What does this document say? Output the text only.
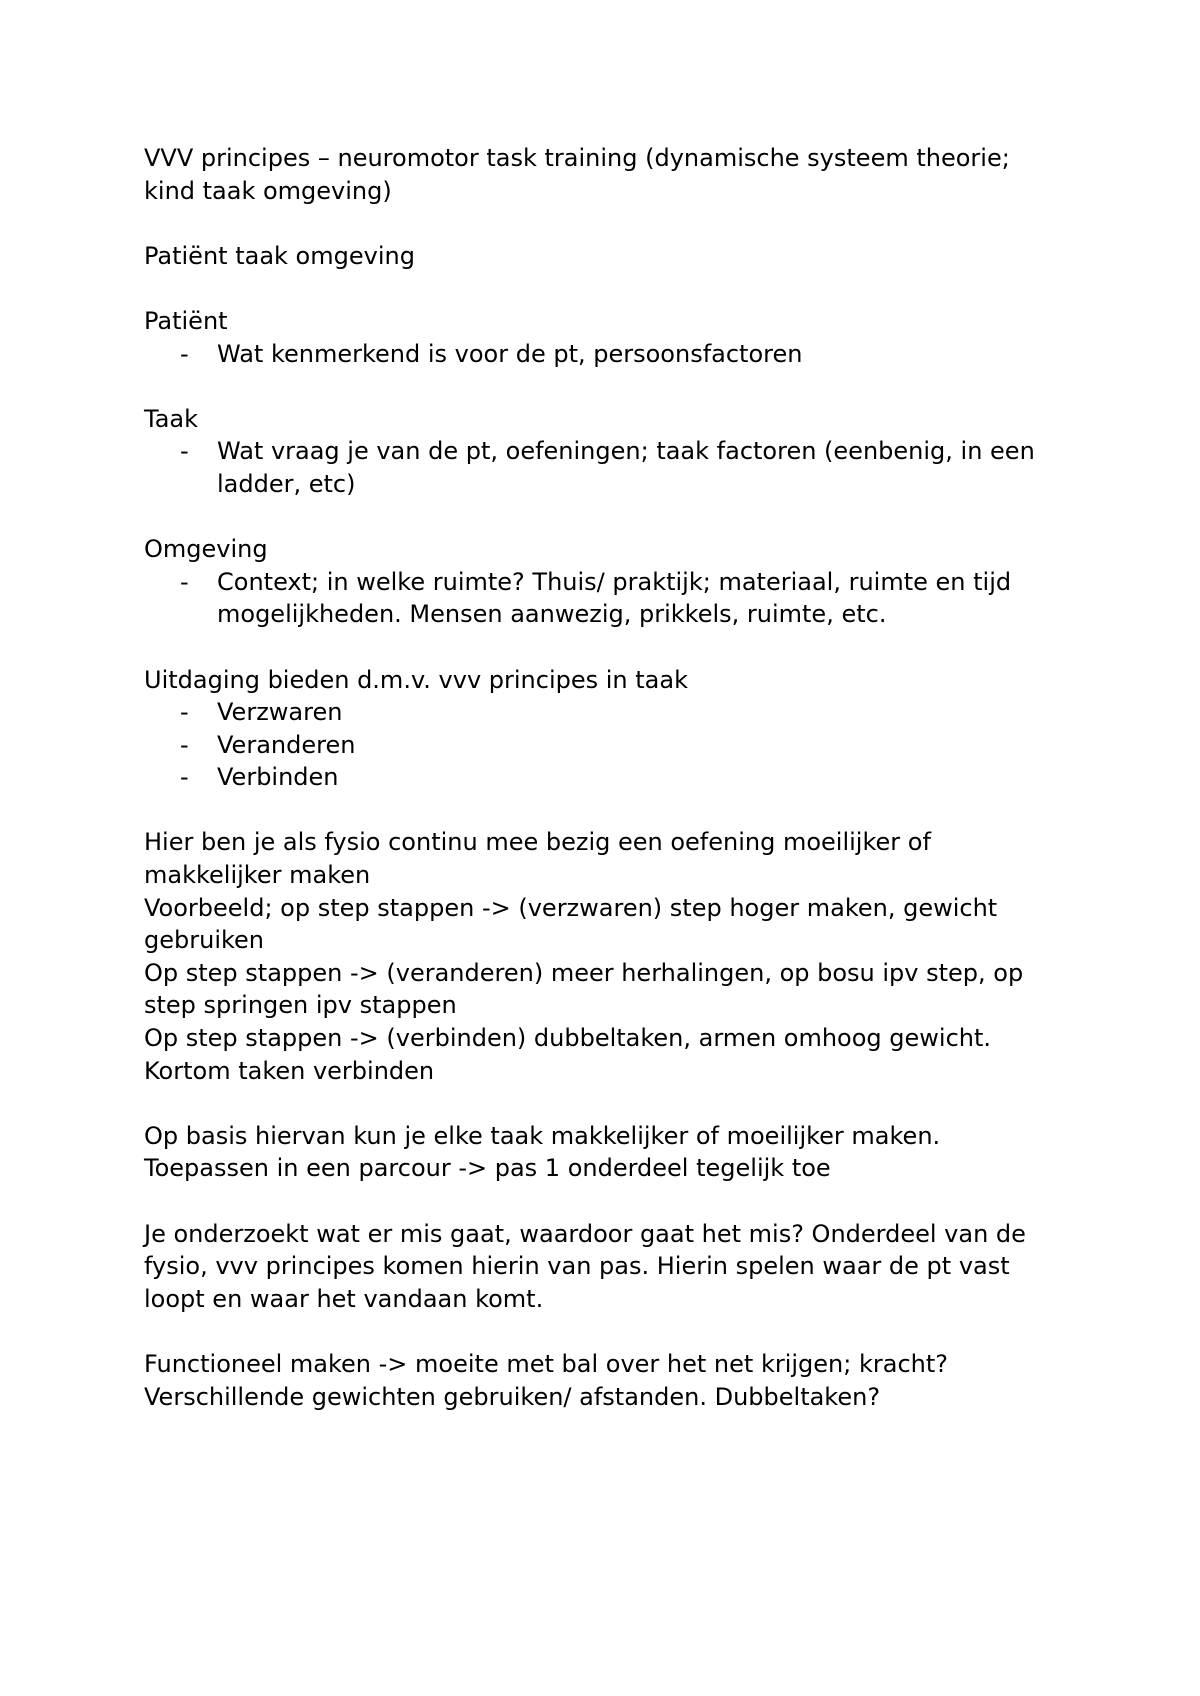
VVV principes – neuromotor task training (dynamische systeem theorie;

kind taak omgeving)

Patiënt taak omgeving

Patiënt

- Wat kenmerkend is voor de pt, persoonsfactoren

Taak

- Wat vraag je van de pt, oefeningen; taak factoren (eenbenig, in een ladder, etc)

Omgeving

- Context; in welke ruimte? Thuis/ praktijk; materiaal, ruimte en tijd mogelijkheden. Mensen aanwezig, prikkels, ruimte, etc.

Uitdaging bieden d.m.v. vvv principes in taak

- Verzwaren
- Veranderen
- Verbinden

Hier ben je als fysio continu mee bezig een oefening moeilijker of makkelijker maken

Voorbeeld; op step stappen -> (verzwaren) step hoger maken, gewicht gebruiken

Op step stappen -> (veranderen) meer herhalingen, op bosu ipv step, op step springen ipv stappen

Op step stappen -> (verbinden) dubbeltaken, armen omhoog gewicht.

Kortom taken verbinden

Op basis hiervan kun je elke taak makkelijker of moeilijker maken.

Toepassen in een parcour -> pas 1 onderdeel tegelijk toe

Je onderzoekt wat er mis gaat, waardoor gaat het mis? Onderdeel van de fysio, vvv principes komen hierin van pas. Hierin spelen waar de pt vast loopt en waar het vandaan komt.

Functioneel maken -> moeite met bal over het net krijgen; kracht?

Verschillende gewichten gebruiken/ afstanden. Dubbeltaken?
